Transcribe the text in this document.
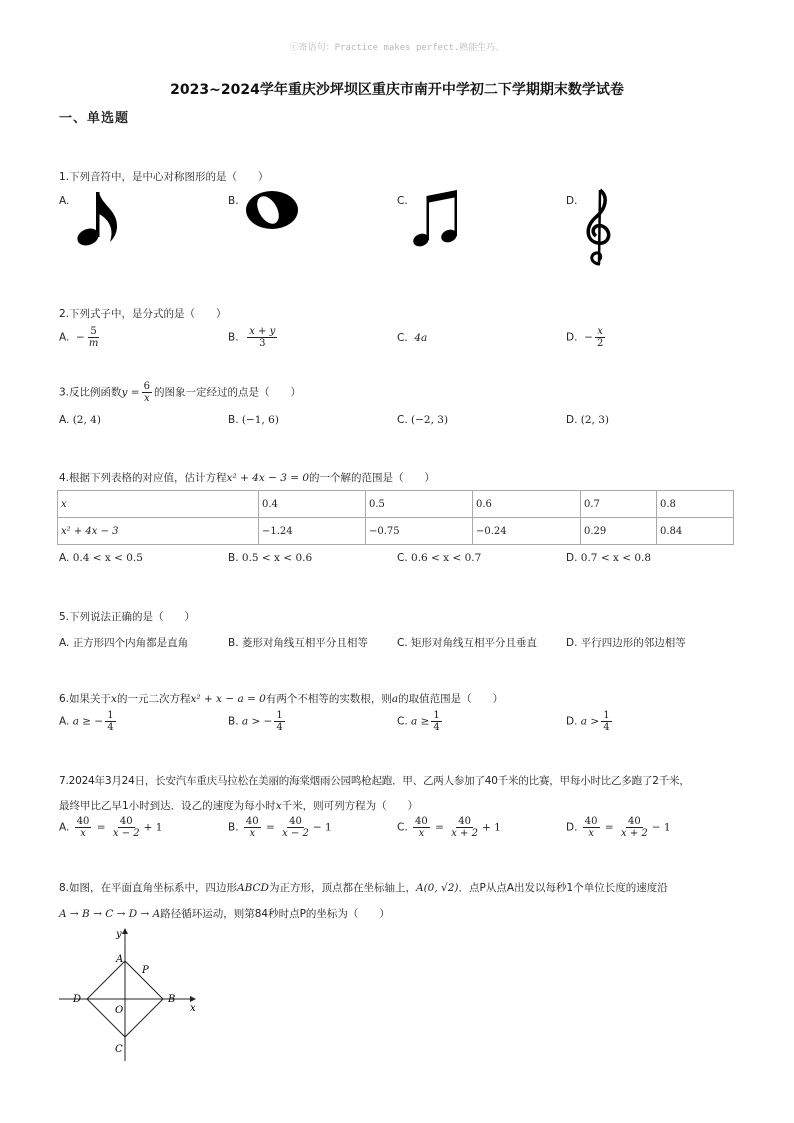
ⓒ寄语句：Practice makes perfect.熟能生巧。
2023~2024学年重庆沙坪坝区重庆市南开中学初二下学期期末数学试卷
一、单选题
1.下列音符中，是中心对称图形的是（　　）
A.	B.	C.	D.
2.下列式子中，是分式的是（　　）
A. − $\frac{5}{m}$	B. $\frac{x + y}{3}$	C. 4a	D. − $\frac{x}{2}$
3.反比例函数$y = \frac{6}{x}$ 的图象一定经过的点是（　　）
A. (2, 4)	B. (−1, 6)	C. (−2, 3)	D. (2, 3)
4.根据下列表格的对应值，估计方程x² + 4x − 3 = 0的一个解的范围是（　　）
x	0.4	0.5	0.6	0.7	0.8
x² + 4x − 3	−1.24	−0.75	−0.24	0.29	0.84
A. 0.4 < x < 0.5	B. 0.5 < x < 0.6	C. 0.6 < x < 0.7	D. 0.7 < x < 0.8
5.下列说法正确的是（　　）
A. 正方形四个内角都是直角	B. 菱形对角线互相平分且相等	C. 矩形对角线互相平分且垂直	D. 平行四边形的邻边相等
6.如果关于x的一元二次方程x² + x − a = 0有两个不相等的实数根，则a的取值范围是（　　）
A. a ≥ − $\frac{1}{4}$	B. a > − $\frac{1}{4}$	C. $a \ge \frac{1}{4}$	D. $a > \frac{1}{4}$
7.2024年3月24日，长安汽车重庆马拉松在美丽的海棠烟雨公园鸣枪起跑．甲、乙两人参加了40千米的比赛，甲每小时比乙多跑了2千米，
最终甲比乙早1小时到达．设乙的速度为每小时x千米，则可列方程为（　　）
A. $\frac{40}{x} = \frac{40}{x - 2} + 1$	B. $\frac{40}{x} = \frac{40}{x - 2} - 1$	C. $\frac{40}{x} = \frac{40}{x + 2} + 1$	D. $\frac{40}{x} = \frac{40}{x + 2} - 1$
8.如图，在平面直角坐标系中，四边形ABCD为正方形，顶点都在坐标轴上，A(0, √2)．点P从点A出发以每秒1个单位长度的速度沿
A → B → C → D → A路径循环运动，则第84秒时点P的坐标为（　　）
x
y
A
B
C
D
O
P
